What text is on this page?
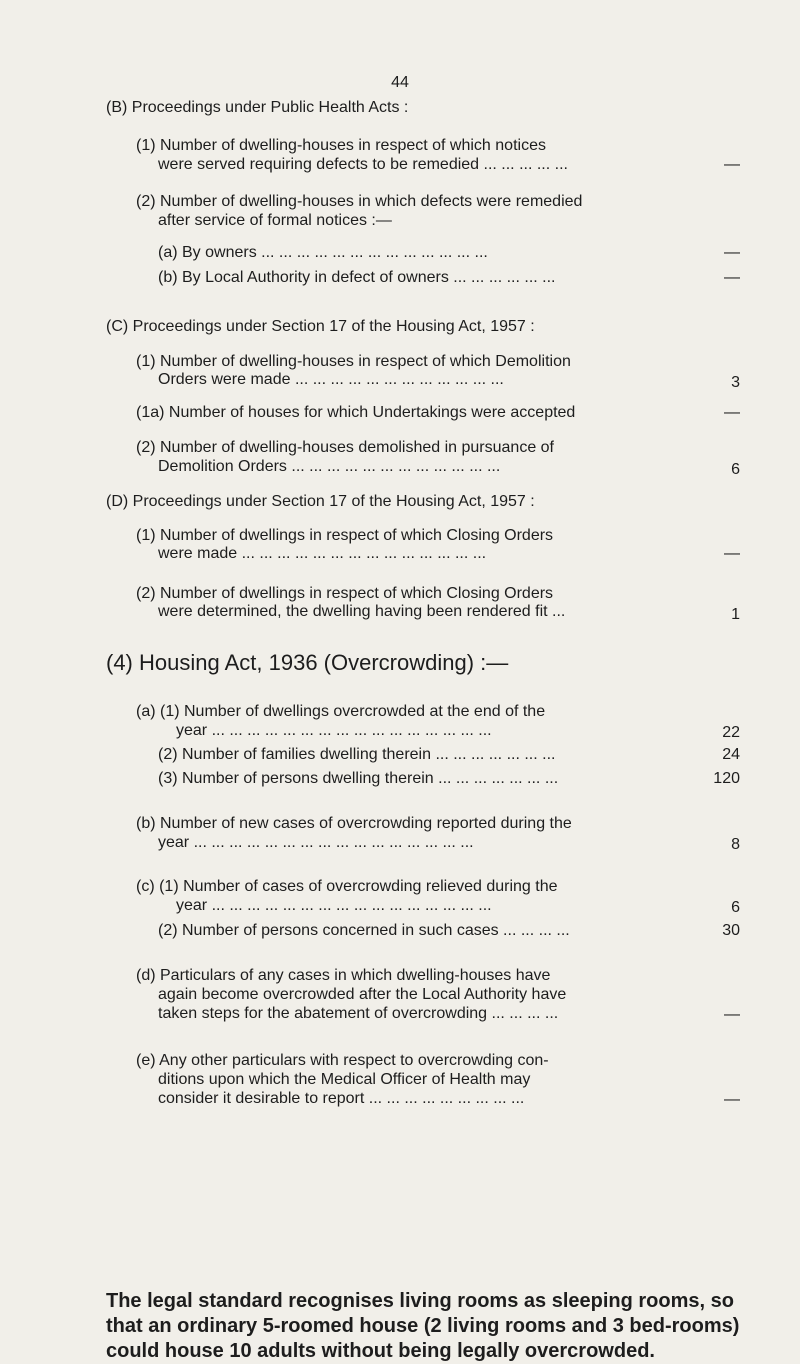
44
(B) Proceedings under Public Health Acts :
(1) Number of dwelling-houses in respect of which notices
were served requiring defects to be remedied ... ... ... ... ...	—
(2) Number of dwelling-houses in which defects were remedied
after service of formal notices :—
(a) By owners ... ... ... ... ... ... ... ... ... ... ... ... ...	—
(b) By Local Authority in defect of owners ... ... ... ... ... ...	—
(C) Proceedings under Section 17 of the Housing Act, 1957 :
(1) Number of dwelling-houses in respect of which Demolition
Orders were made ... ... ... ... ... ... ... ... ... ... ... ...	3
(1a) Number of houses for which Undertakings were accepted	—
(2) Number of dwelling-houses demolished in pursuance of
Demolition Orders ... ... ... ... ... ... ... ... ... ... ... ...	6
(D) Proceedings under Section 17 of the Housing Act, 1957 :
(1) Number of dwellings in respect of which Closing Orders
were made ... ... ... ... ... ... ... ... ... ... ... ... ... ...	—
(2) Number of dwellings in respect of which Closing Orders
were determined, the dwelling having been rendered fit ...	1
(4) Housing Act, 1936 (Overcrowding) :—
(a) (1) Number of dwellings overcrowded at the end of the
year ... ... ... ... ... ... ... ... ... ... ... ... ... ... ... ...	22
(2) Number of families dwelling therein ... ... ... ... ... ... ...	24
(3) Number of persons dwelling therein ... ... ... ... ... ... ...	120
(b) Number of new cases of overcrowding reported during the
year ... ... ... ... ... ... ... ... ... ... ... ... ... ... ... ...	8
(c) (1) Number of cases of overcrowding relieved during the
year ... ... ... ... ... ... ... ... ... ... ... ... ... ... ... ...	6
(2) Number of persons concerned in such cases ... ... ... ...	30
(d) Particulars of any cases in which dwelling-houses have
again become overcrowded after the Local Authority have
taken steps for the abatement of overcrowding ... ... ... ...	—
(e) Any other particulars with respect to overcrowding con-
ditions upon which the Medical Officer of Health may
consider it desirable to report ... ... ... ... ... ... ... ... ...	—
The legal standard recognises living rooms as sleeping rooms, so that an ordinary 5-roomed house (2 living rooms and 3 bed-rooms) could house 10 adults without being legally overcrowded.
